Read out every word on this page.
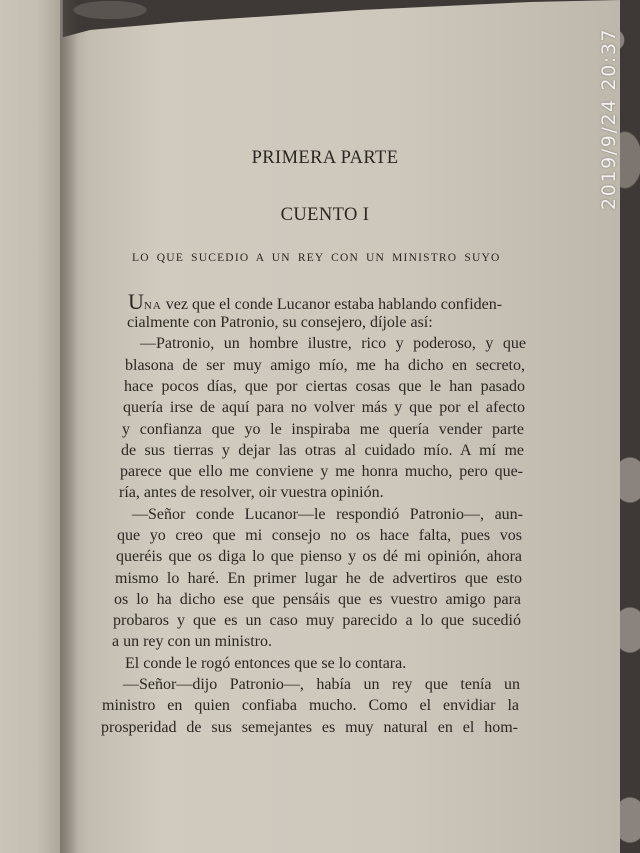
PRIMERA PARTE
CUENTO I
LO QUE SUCEDIO A UN REY CON UN MINISTRO SUYO
UNA vez que el conde Lucanor estaba hablando confiden-
cialmente con Patronio, su consejero, díjole así:
—Patronio, un hombre ilustre, rico y poderoso, y que
blasona de ser muy amigo mío, me ha dicho en secreto,
hace pocos días, que por ciertas cosas que le han pasado
quería irse de aquí para no volver más y que por el afecto
y confianza que yo le inspiraba me quería vender parte
de sus tierras y dejar las otras al cuidado mío. A mí me
parece que ello me conviene y me honra mucho, pero que-
ría, antes de resolver, oir vuestra opinión.
—Señor conde Lucanor—le respondió Patronio—, aun-
que yo creo que mi consejo no os hace falta, pues vos
queréis que os diga lo que pienso y os dé mi opinión, ahora
mismo lo haré. En primer lugar he de advertiros que esto
os lo ha dicho ese que pensáis que es vuestro amigo para
probaros y que es un caso muy parecido a lo que sucedió
a un rey con un ministro.
El conde le rogó entonces que se lo contara.
—Señor—dijo Patronio—, había un rey que tenía un
ministro en quien confiaba mucho. Como el envidiar la
prosperidad de sus semejantes es muy natural en el hom-
2019/9/24 20:37
